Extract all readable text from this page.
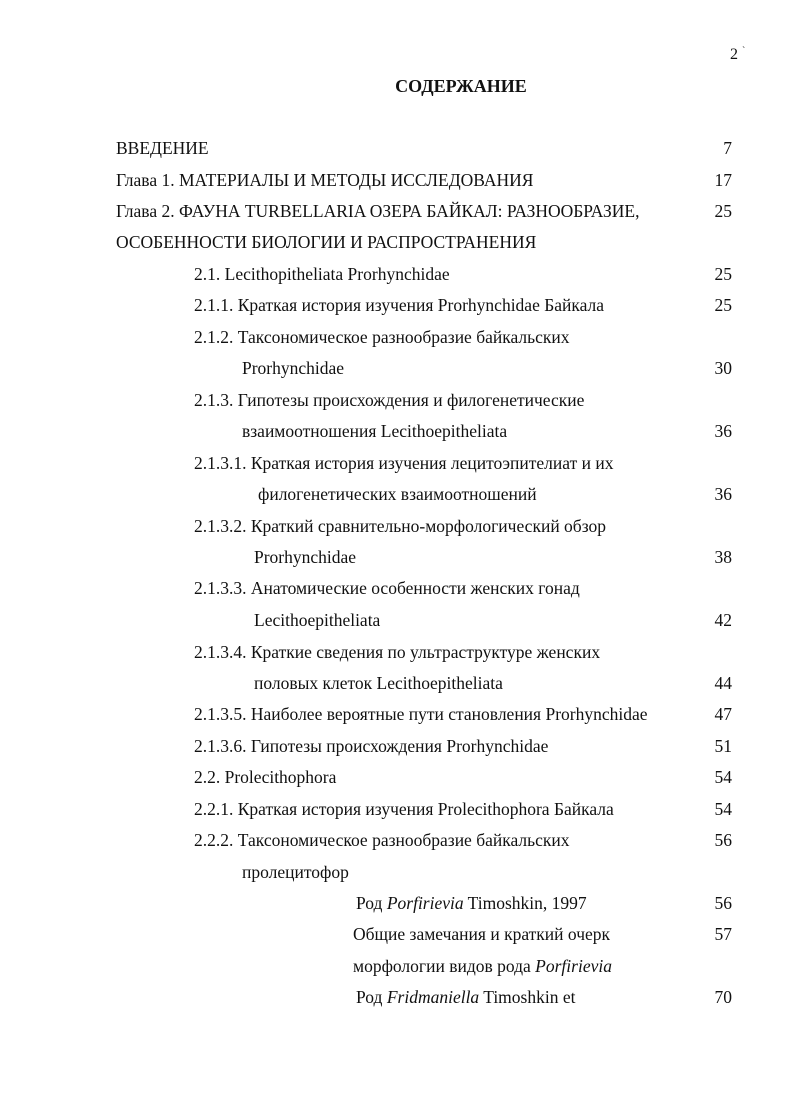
2 `
СОДЕРЖАНИЕ
ВВЕДЕНИЕ	7
Глава 1. МАТЕРИАЛЫ И МЕТОДЫ ИССЛЕДОВАНИЯ	17
Глава 2. ФАУНА TURBELLARIA ОЗЕРА БАЙКАЛ: РАЗНООБРАЗИЕ,	25
ОСОБЕННОСТИ БИОЛОГИИ И РАСПРОСТРАНЕНИЯ
2.1. Lecithopitheliata Prorhynchidae	25
2.1.1. Краткая история изучения Prorhynchidae Байкала	25
2.1.2. Таксономическое разнообразие байкальских
Prorhynchidae	30
2.1.3. Гипотезы происхождения и филогенетические
взаимоотношения Lecithoepitheliata	36
2.1.3.1. Краткая история изучения лецитоэпителиат и их
филогенетических взаимоотношений	36
2.1.3.2. Краткий сравнительно-морфологический обзор
Prorhynchidae	38
2.1.3.3. Анатомические особенности женских гонад
Lecithoepitheliata	42
2.1.3.4. Краткие сведения по ультраструктуре женских
половых клеток Lecithoepitheliata	44
2.1.3.5. Наиболее вероятные пути становления Prorhynchidae	47
2.1.3.6. Гипотезы происхождения Prorhynchidae	51
2.2. Prolecithophora	54
2.2.1. Краткая история изучения Prolecithophora Байкала	54
2.2.2. Таксономическое разнообразие байкальских	56
пролецитофор
Род Porfirievia Timoshkin, 1997	56
Общие замечания и краткий очерк	57
морфологии видов рода Porfirievia
Род Fridmaniella Timoshkin et	70
